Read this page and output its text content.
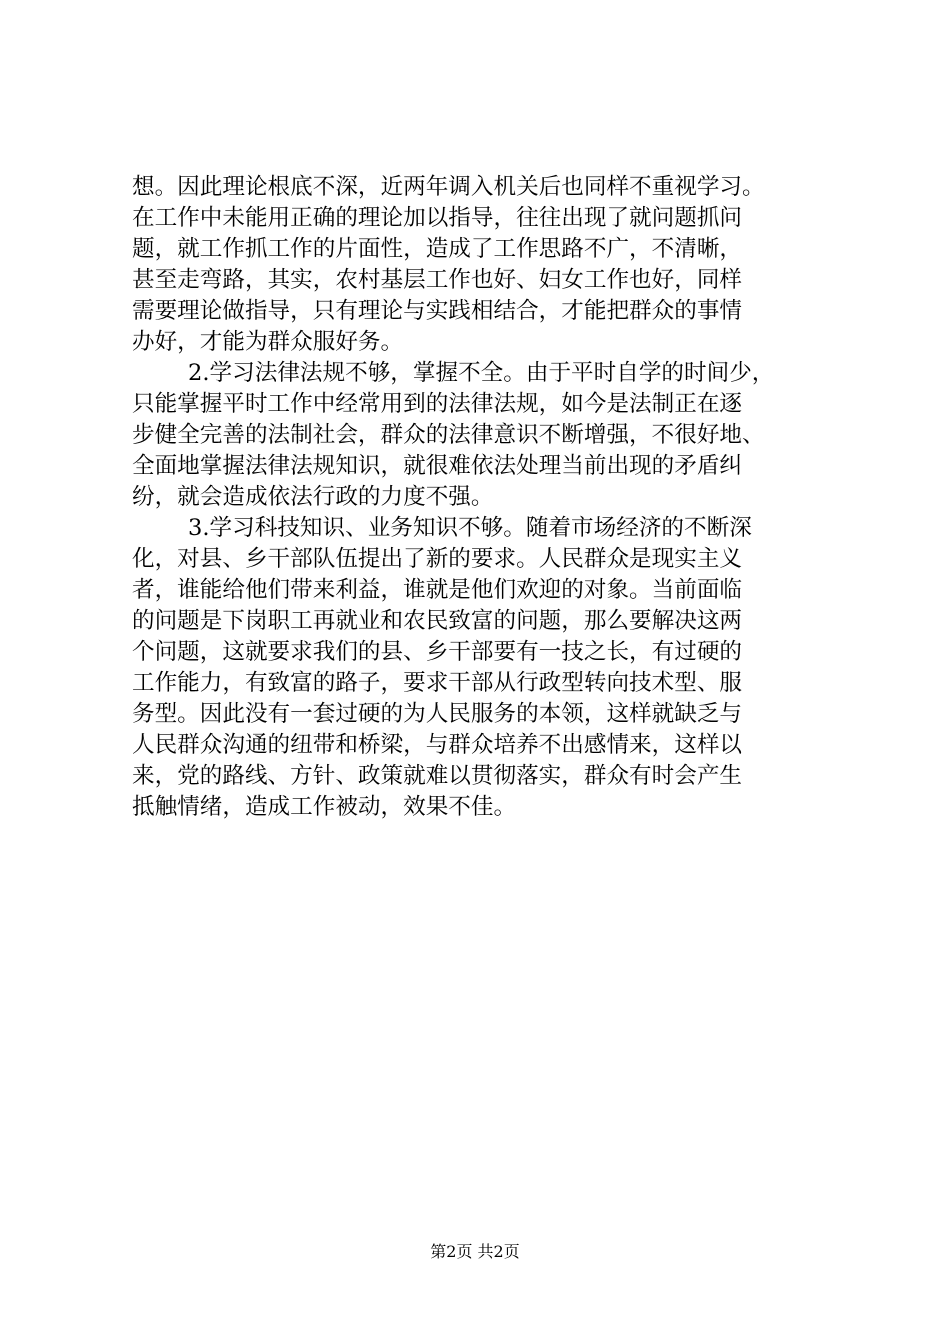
想。因此理论根底不深，近两年调入机关后也同样不重视学习。
在工作中未能用正确的理论加以指导，往往出现了就问题抓问
题，就工作抓工作的片面性，造成了工作思路不广，不清晰，
甚至走弯路，其实，农村基层工作也好、妇女工作也好，同样
需要理论做指导，只有理论与实践相结合，才能把群众的事情
办好，才能为群众服好务。
2.学习法律法规不够，掌握不全。由于平时自学的时间少，
只能掌握平时工作中经常用到的法律法规，如今是法制正在逐
步健全完善的法制社会，群众的法律意识不断增强，不很好地、
全面地掌握法律法规知识，就很难依法处理当前出现的矛盾纠
纷，就会造成依法行政的力度不强。
3.学习科技知识、业务知识不够。随着市场经济的不断深
化，对县、乡干部队伍提出了新的要求。人民群众是现实主义
者，谁能给他们带来利益，谁就是他们欢迎的对象。当前面临
的问题是下岗职工再就业和农民致富的问题，那么要解决这两
个问题，这就要求我们的县、乡干部要有一技之长，有过硬的
工作能力，有致富的路子，要求干部从行政型转向技术型、服
务型。因此没有一套过硬的为人民服务的本领，这样就缺乏与
人民群众沟通的纽带和桥梁，与群众培养不出感情来，这样以
来，党的路线、方针、政策就难以贯彻落实，群众有时会产生
抵触情绪，造成工作被动，效果不佳。
第2页 共2页
